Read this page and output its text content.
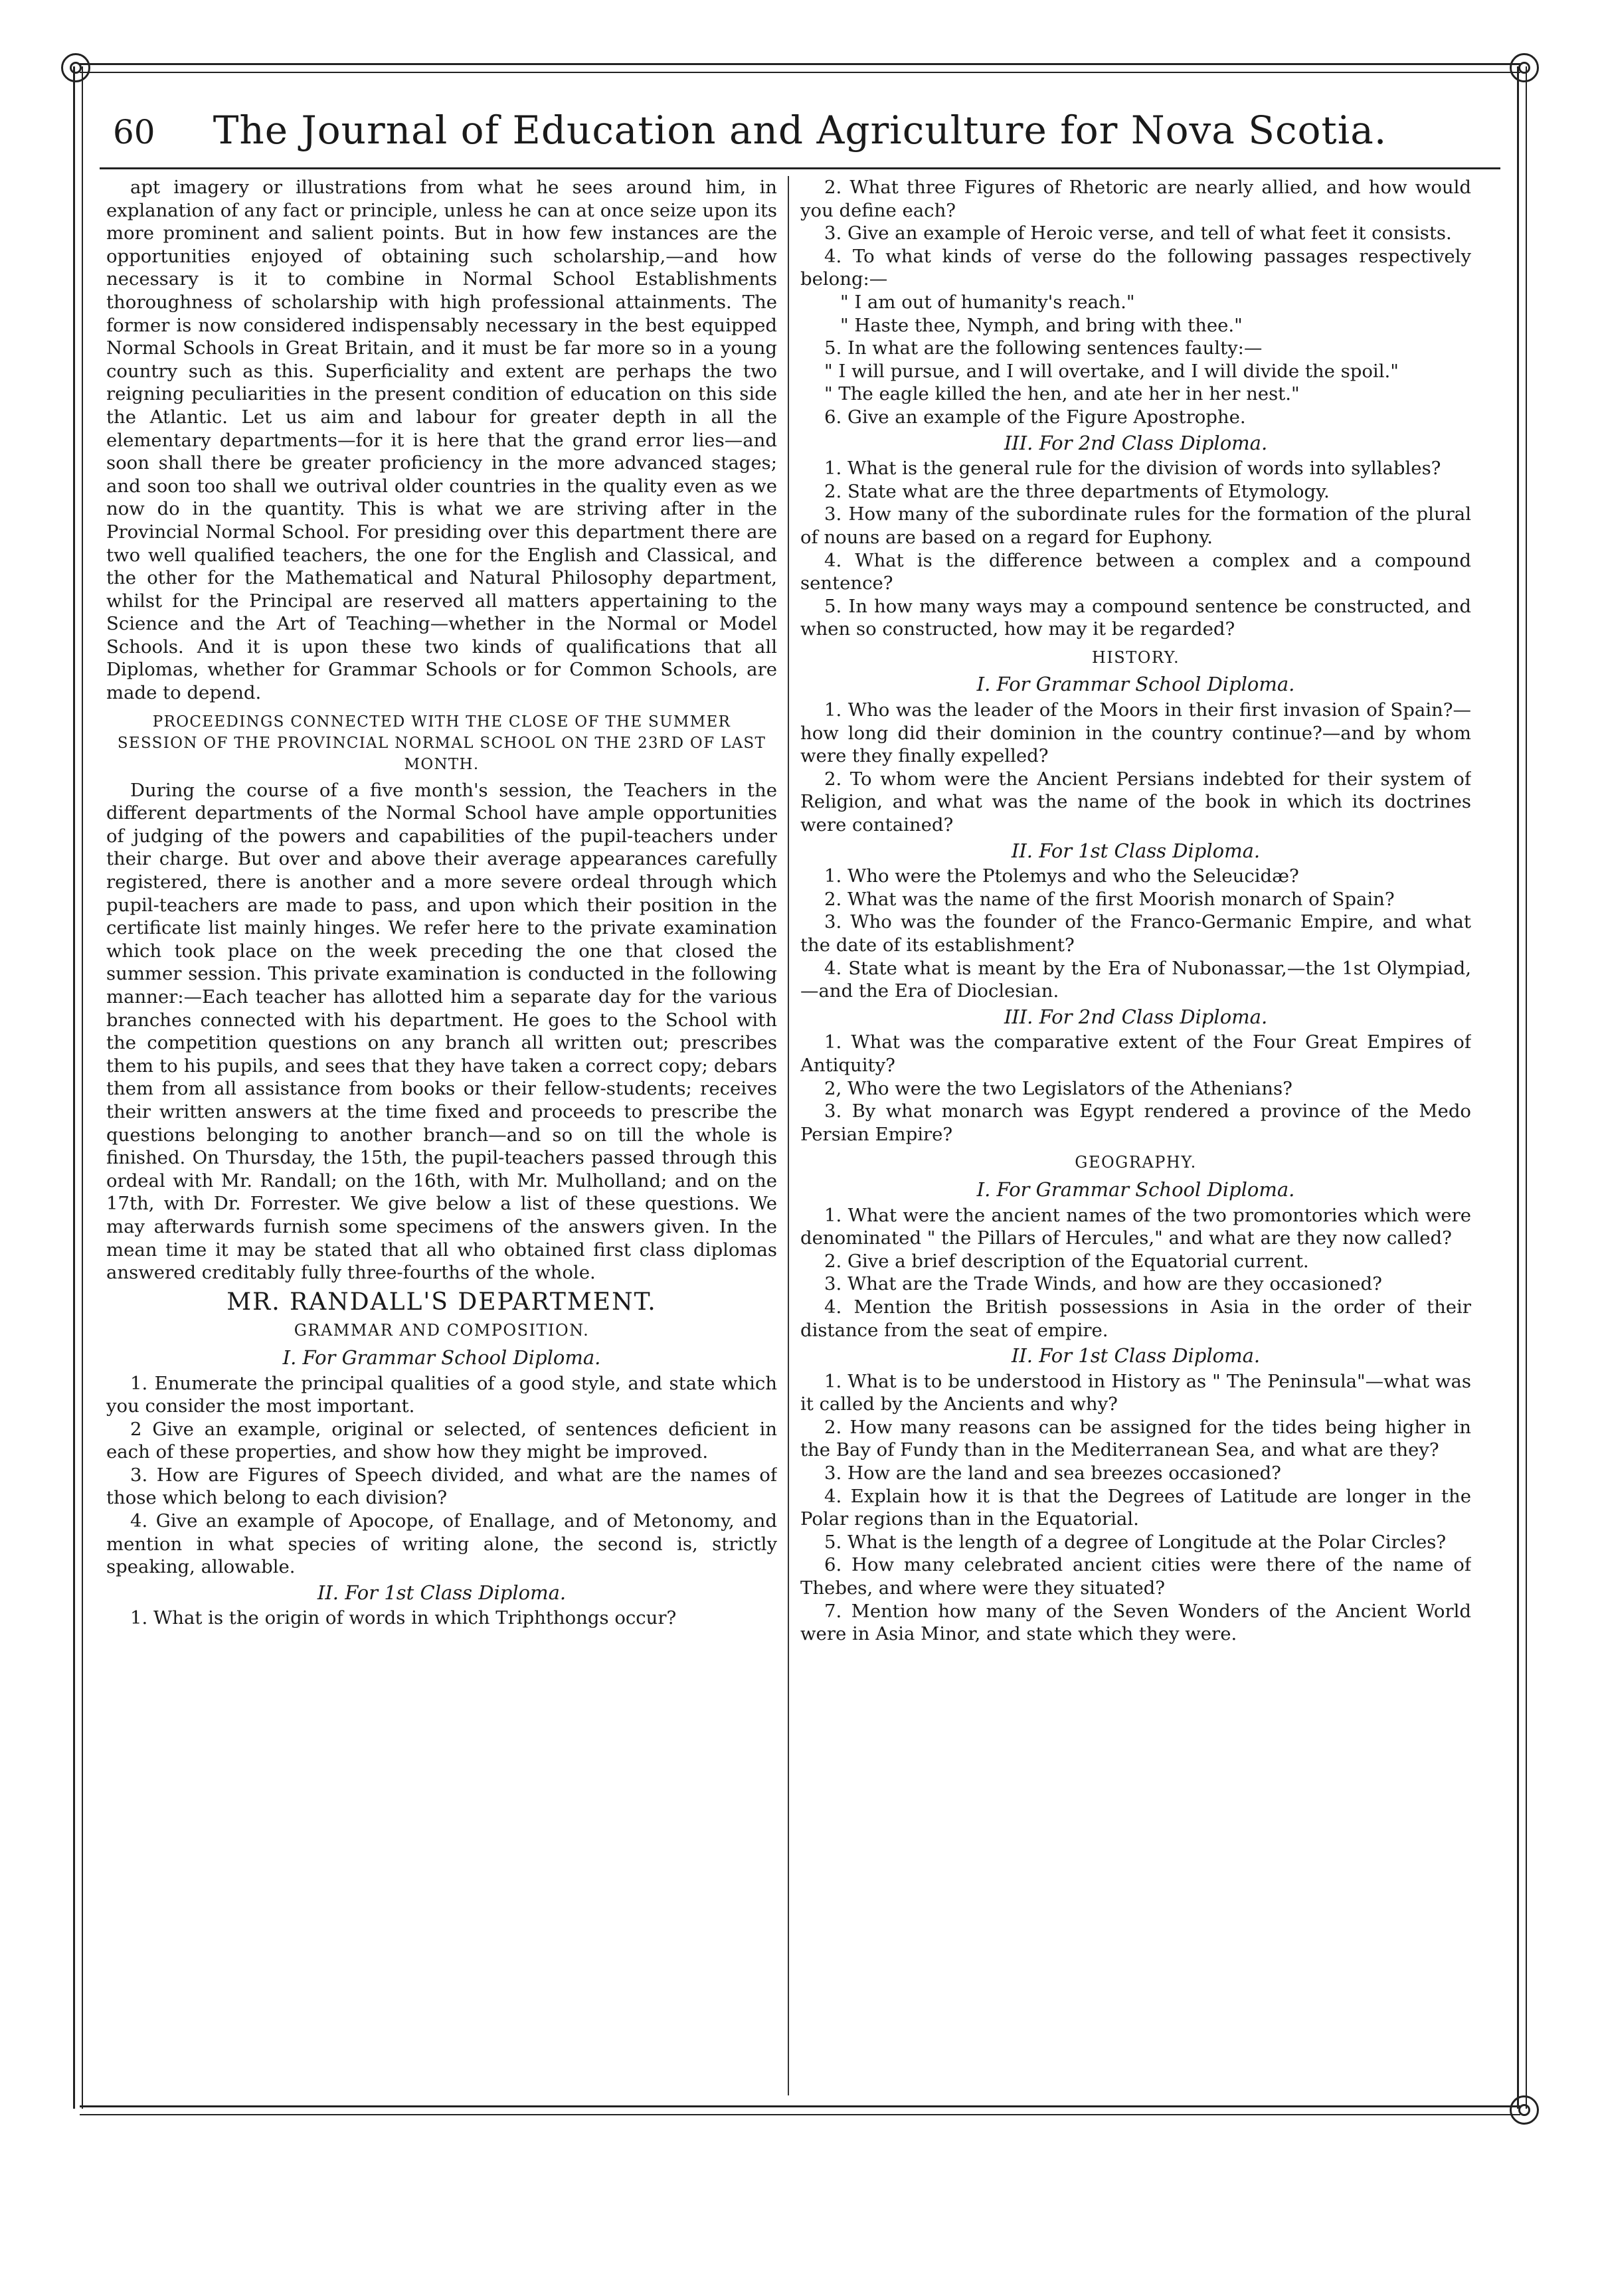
60	The Journal of Education and Agriculture for Nova Scotia.

apt imagery or illustrations from what he sees around him, in explanation of any fact or principle, unless he can at once seize upon its more prominent and salient points. But in how few instances are the opportunities enjoyed of obtaining such scholarship,—and how necessary is it to combine in Normal School Establishments thoroughness of scholarship with high professional attainments. The former is now considered indispensably necessary in the best equipped Normal Schools in Great Britain, and it must be far more so in a young country such as this. Superficiality and extent are perhaps the two reigning peculiarities in the present condition of education on this side the Atlantic. Let us aim and labour for greater depth in all the elementary departments—for it is here that the grand error lies—and soon shall there be greater proficiency in the more advanced stages; and soon too shall we outrival older countries in the quality even as we now do in the quantity. This is what we are striving after in the Provincial Normal School. For presiding over this department there are two well qualified teachers, the one for the English and Classical, and the other for the Mathematical and Natural Philosophy department, whilst for the Principal are reserved all matters appertaining to the Science and the Art of Teaching—whether in the Normal or Model Schools. And it is upon these two kinds of qualifications that all Diplomas, whether for Grammar Schools or for Common Schools, are made to depend.

PROCEEDINGS CONNECTED WITH THE CLOSE OF THE SUMMER SESSION OF THE PROVINCIAL NORMAL SCHOOL ON THE 23RD OF LAST MONTH.

During the course of a five month's session, the Teachers in the different departments of the Normal School have ample opportunities of judging of the powers and capabilities of the pupil-teachers under their charge. But over and above their average appearances carefully registered, there is another and a more severe ordeal through which pupil-teachers are made to pass, and upon which their position in the certificate list mainly hinges. We refer here to the private examination which took place on the week preceding the one that closed the summer session. This private examination is conducted in the following manner:—Each teacher has allotted him a separate day for the various branches connected with his department. He goes to the School with the competition questions on any branch all written out; prescribes them to his pupils, and sees that they have taken a correct copy; debars them from all assistance from books or their fellow-students; receives their written answers at the time fixed and proceeds to prescribe the questions belonging to another branch—and so on till the whole is finished. On Thursday, the 15th, the pupil-teachers passed through this ordeal with Mr. Randall; on the 16th, with Mr. Mulholland; and on the 17th, with Dr. Forrester. We give below a list of these questions. We may afterwards furnish some specimens of the answers given. In the mean time it may be stated that all who obtained first class diplomas answered creditably fully three-fourths of the whole.

MR. RANDALL'S DEPARTMENT.
GRAMMAR AND COMPOSITION.
I. For Grammar School Diploma.

1. Enumerate the principal qualities of a good style, and state which you consider the most important.

2 Give an example, original or selected, of sentences deficient in each of these properties, and show how they might be improved.

3. How are Figures of Speech divided, and what are the names of those which belong to each division?

4. Give an example of Apocope, of Enallage, and of Metonomy, and mention in what species of writing alone, the second is, strictly speaking, allowable.

II. For 1st Class Diploma.

1. What is the origin of words in which Triphthongs occur?

2. What three Figures of Rhetoric are nearly allied, and how would you define each?

3. Give an example of Heroic verse, and tell of what feet it consists.

4. To what kinds of verse do the following passages respectively belong:—

" I am out of humanity's reach."

" Haste thee, Nymph, and bring with thee."

5. In what are the following sentences faulty:—

" I will pursue, and I will overtake, and I will divide the spoil."

" The eagle killed the hen, and ate her in her nest."

6. Give an example of the Figure Apostrophe.

III. For 2nd Class Diploma.

1. What is the general rule for the division of words into syllables?

2. State what are the three departments of Etymology.

3. How many of the subordinate rules for the formation of the plural of nouns are based on a regard for Euphony.

4. What is the difference between a complex and a compound sentence?

5. In how many ways may a compound sentence be constructed, and when so constructed, how may it be regarded?

HISTORY.
I. For Grammar School Diploma.

1. Who was the leader of the Moors in their first invasion of Spain?—how long did their dominion in the country continue?—and by whom were they finally expelled?

2. To whom were the Ancient Persians indebted for their system of Religion, and what was the name of the book in which its doctrines were contained?

II. For 1st Class Diploma.

1. Who were the Ptolemys and who the Seleucidæ?

2. What was the name of the first Moorish monarch of Spain?

3. Who was the founder of the Franco-Germanic Empire, and what the date of its establishment?

4. State what is meant by the Era of Nubonassar,—the 1st Olympiad,—and the Era of Dioclesian.

III. For 2nd Class Diploma.

1. What was the comparative extent of the Four Great Empires of Antiquity?

2, Who were the two Legislators of the Athenians?

3. By what monarch was Egypt rendered a province of the Medo Persian Empire?

GEOGRAPHY.
I. For Grammar School Diploma.

1. What were the ancient names of the two promontories which were denominated " the Pillars of Hercules," and what are they now called?

2. Give a brief description of the Equatorial current.

3. What are the Trade Winds, and how are they occasioned?

4. Mention the British possessions in Asia in the order of their distance from the seat of empire.

II. For 1st Class Diploma.

1. What is to be understood in History as " The Peninsula"—what was it called by the Ancients and why?

2. How many reasons can be assigned for the tides being higher in the Bay of Fundy than in the Mediterranean Sea, and what are they?

3. How are the land and sea breezes occasioned?

4. Explain how it is that the Degrees of Latitude are longer in the Polar regions than in the Equatorial.

5. What is the length of a degree of Longitude at the Polar Circles?

6. How many celebrated ancient cities were there of the name of Thebes, and where were they situated?

7. Mention how many of the Seven Wonders of the Ancient World were in Asia Minor, and state which they were.
